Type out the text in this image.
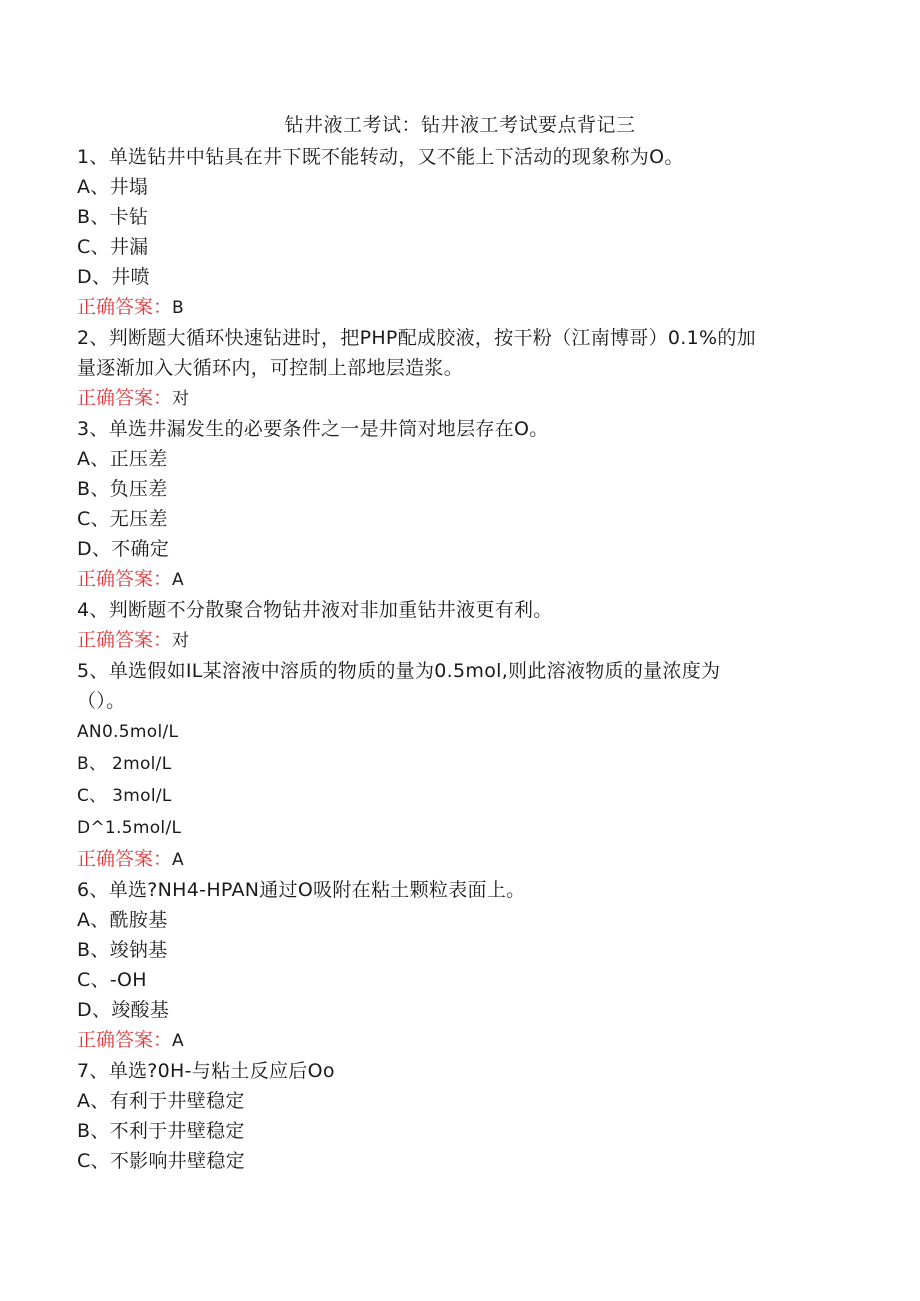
钻井液工考试：钻井液工考试要点背记三
1、单选钻井中钻具在井下既不能转动，又不能上下活动的现象称为O。
A、井塌
B、卡钻
C、井漏
D、井喷
正确答案：B
2、判断题大循环快速钻进时，把PHP配成胶液，按干粉（江南博哥）0.1%的加
量逐渐加入大循环内，可控制上部地层造浆。
正确答案：对
3、单选井漏发生的必要条件之一是井筒对地层存在O。
A、正压差
B、负压差
C、无压差
D、不确定
正确答案：A
4、判断题不分散聚合物钻井液对非加重钻井液更有利。
正确答案：对
5、单选假如IL某溶液中溶质的物质的量为0.5mol,则此溶液物质的量浓度为
（）。
AN0.5mol∕L
B、 2mol∕L
C、 3mol∕L
D^1.5mol∕L
正确答案：A
6、单选?NH4-HPAN通过O吸附在粘土颗粒表面上。
A、酰胺基
B、竣钠基
C、-OH
D、竣酸基
正确答案：A
7、单选?0H-与粘土反应后Oo
A、有利于井壁稳定
B、不利于井壁稳定
C、不影响井壁稳定
